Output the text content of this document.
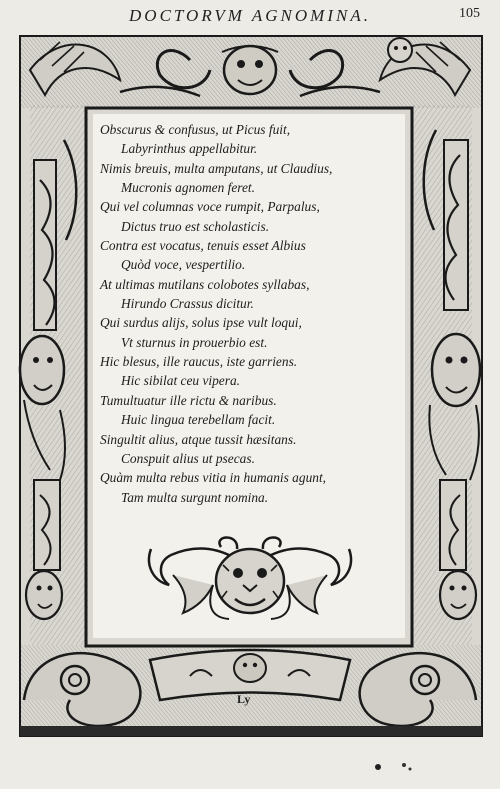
DOCTORVM AGNOMINA.	105
Obscurus & confusus, ut Picus fuit,
Labyrinthus appellabitur.
Nimis breuis, multa amputans, ut Claudius,
Mucronis agnomen feret.
Qui vel columnas voce rumpit, Parpalus,
Dictus truo est scholasticis.
Contra est vocatus, tenuis esset Albius
Quòd voce, vespertilio.
At ultimas mutilans colobotes syllabas,
Hirundo Crassus dicitur.
Qui surdus alijs, solus ipse vult loqui,
Vt sturnus in prouerbio est.
Hic blesus, ille raucus, iste garriens.
Hic sibilat ceu vipera.
Tumultuatur ille rictu & naribus.
Huic lingua terebellam facit.
Singultit alius, atque tussit hæsitans.
Conspuit alius ut psecas.
Quàm multa rebus vitia in humanis agunt,
Tam multa surgunt nomina.
Ly
